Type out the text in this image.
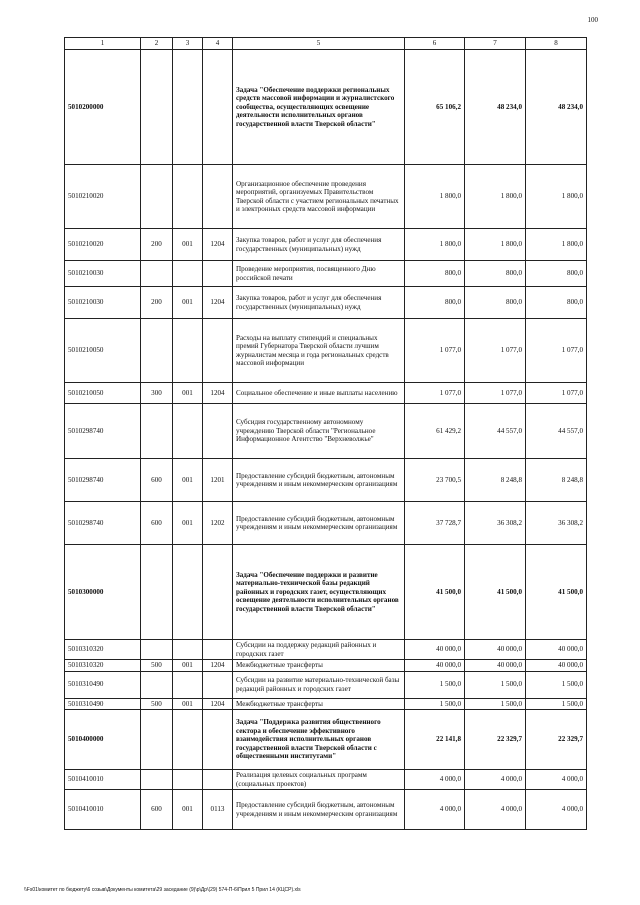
100
1	2	3	4	5	6	7	8
5010200000				Задача "Обеспечение поддержки региональных средств массовой информации и журналистского сообщества, осуществляющих освещение деятельности исполнительных органов государственной власти Тверской области"	65 106,2	48 234,0	48 234,0
5010210020				Организационное обеспечение проведения мероприятий, организуемых Правительством Тверской области с участием региональных печатных и электронных средств массовой информации	1 800,0	1 800,0	1 800,0
5010210020	200	001	1204	Закупка товаров, работ и услуг для обеспечения государственных (муниципальных) нужд	1 800,0	1 800,0	1 800,0
5010210030				Проведение мероприятия, посвященного Дню российской печати	800,0	800,0	800,0
5010210030	200	001	1204	Закупка товаров, работ и услуг для обеспечения государственных (муниципальных) нужд	800,0	800,0	800,0
5010210050				Расходы на выплату стипендий и специальных премий Губернатора Тверской области лучшим журналистам месяца и года региональных средств массовой информации	1 077,0	1 077,0	1 077,0
5010210050	300	001	1204	Социальное обеспечение и иные выплаты населению	1 077,0	1 077,0	1 077,0
5010298740				Субсидия государственному автономному учреждению Тверской области "Региональное Информационное Агентство "Верхневолжье"	61 429,2	44 557,0	44 557,0
5010298740	600	001	1201	Предоставление субсидий бюджетным, автономным учреждениям и иным некоммерческим организациям	23 700,5	8 248,8	8 248,8
5010298740	600	001	1202	Предоставление субсидий бюджетным, автономным учреждениям и иным некоммерческим организациям	37 728,7	36 308,2	36 308,2
5010300000				Задача "Обеспечение поддержки и развитие материально-технической базы редакций районных и городских газет, осуществляющих освещение деятельности исполнительных органов государственной власти Тверской области"	41 500,0	41 500,0	41 500,0
5010310320				Субсидии на поддержку редакций районных и городских газет	40 000,0	40 000,0	40 000,0
5010310320	500	001	1204	Межбюджетные трансферты	40 000,0	40 000,0	40 000,0
5010310490				Субсидии на развитие материально-технической базы редакций районных и городских газет	1 500,0	1 500,0	1 500,0
5010310490	500	001	1204	Межбюджетные трансферты	1 500,0	1 500,0	1 500,0
5010400000				Задача "Поддержка развития общественного сектора и обеспечение эффективного взаимодействия исполнительных органов государственной власти Тверской области с общественными институтами"	22 141,8	22 329,7	22 329,7
5010410010				Реализация целевых социальных программ (социальных проектов)	4 000,0	4 000,0	4 000,0
5010410010	600	001	0113	Предоставление субсидий бюджетным, автономным учреждениям и иным некоммерческим организациям	4 000,0	4 000,0	4 000,0
\\Fs01\комитет по бюджету\6 созыв\Документы комитета\29 заседание (9)\р\Др\(29) 574-П-6\Прил 5 Прил 14 (КЦСР).xls
